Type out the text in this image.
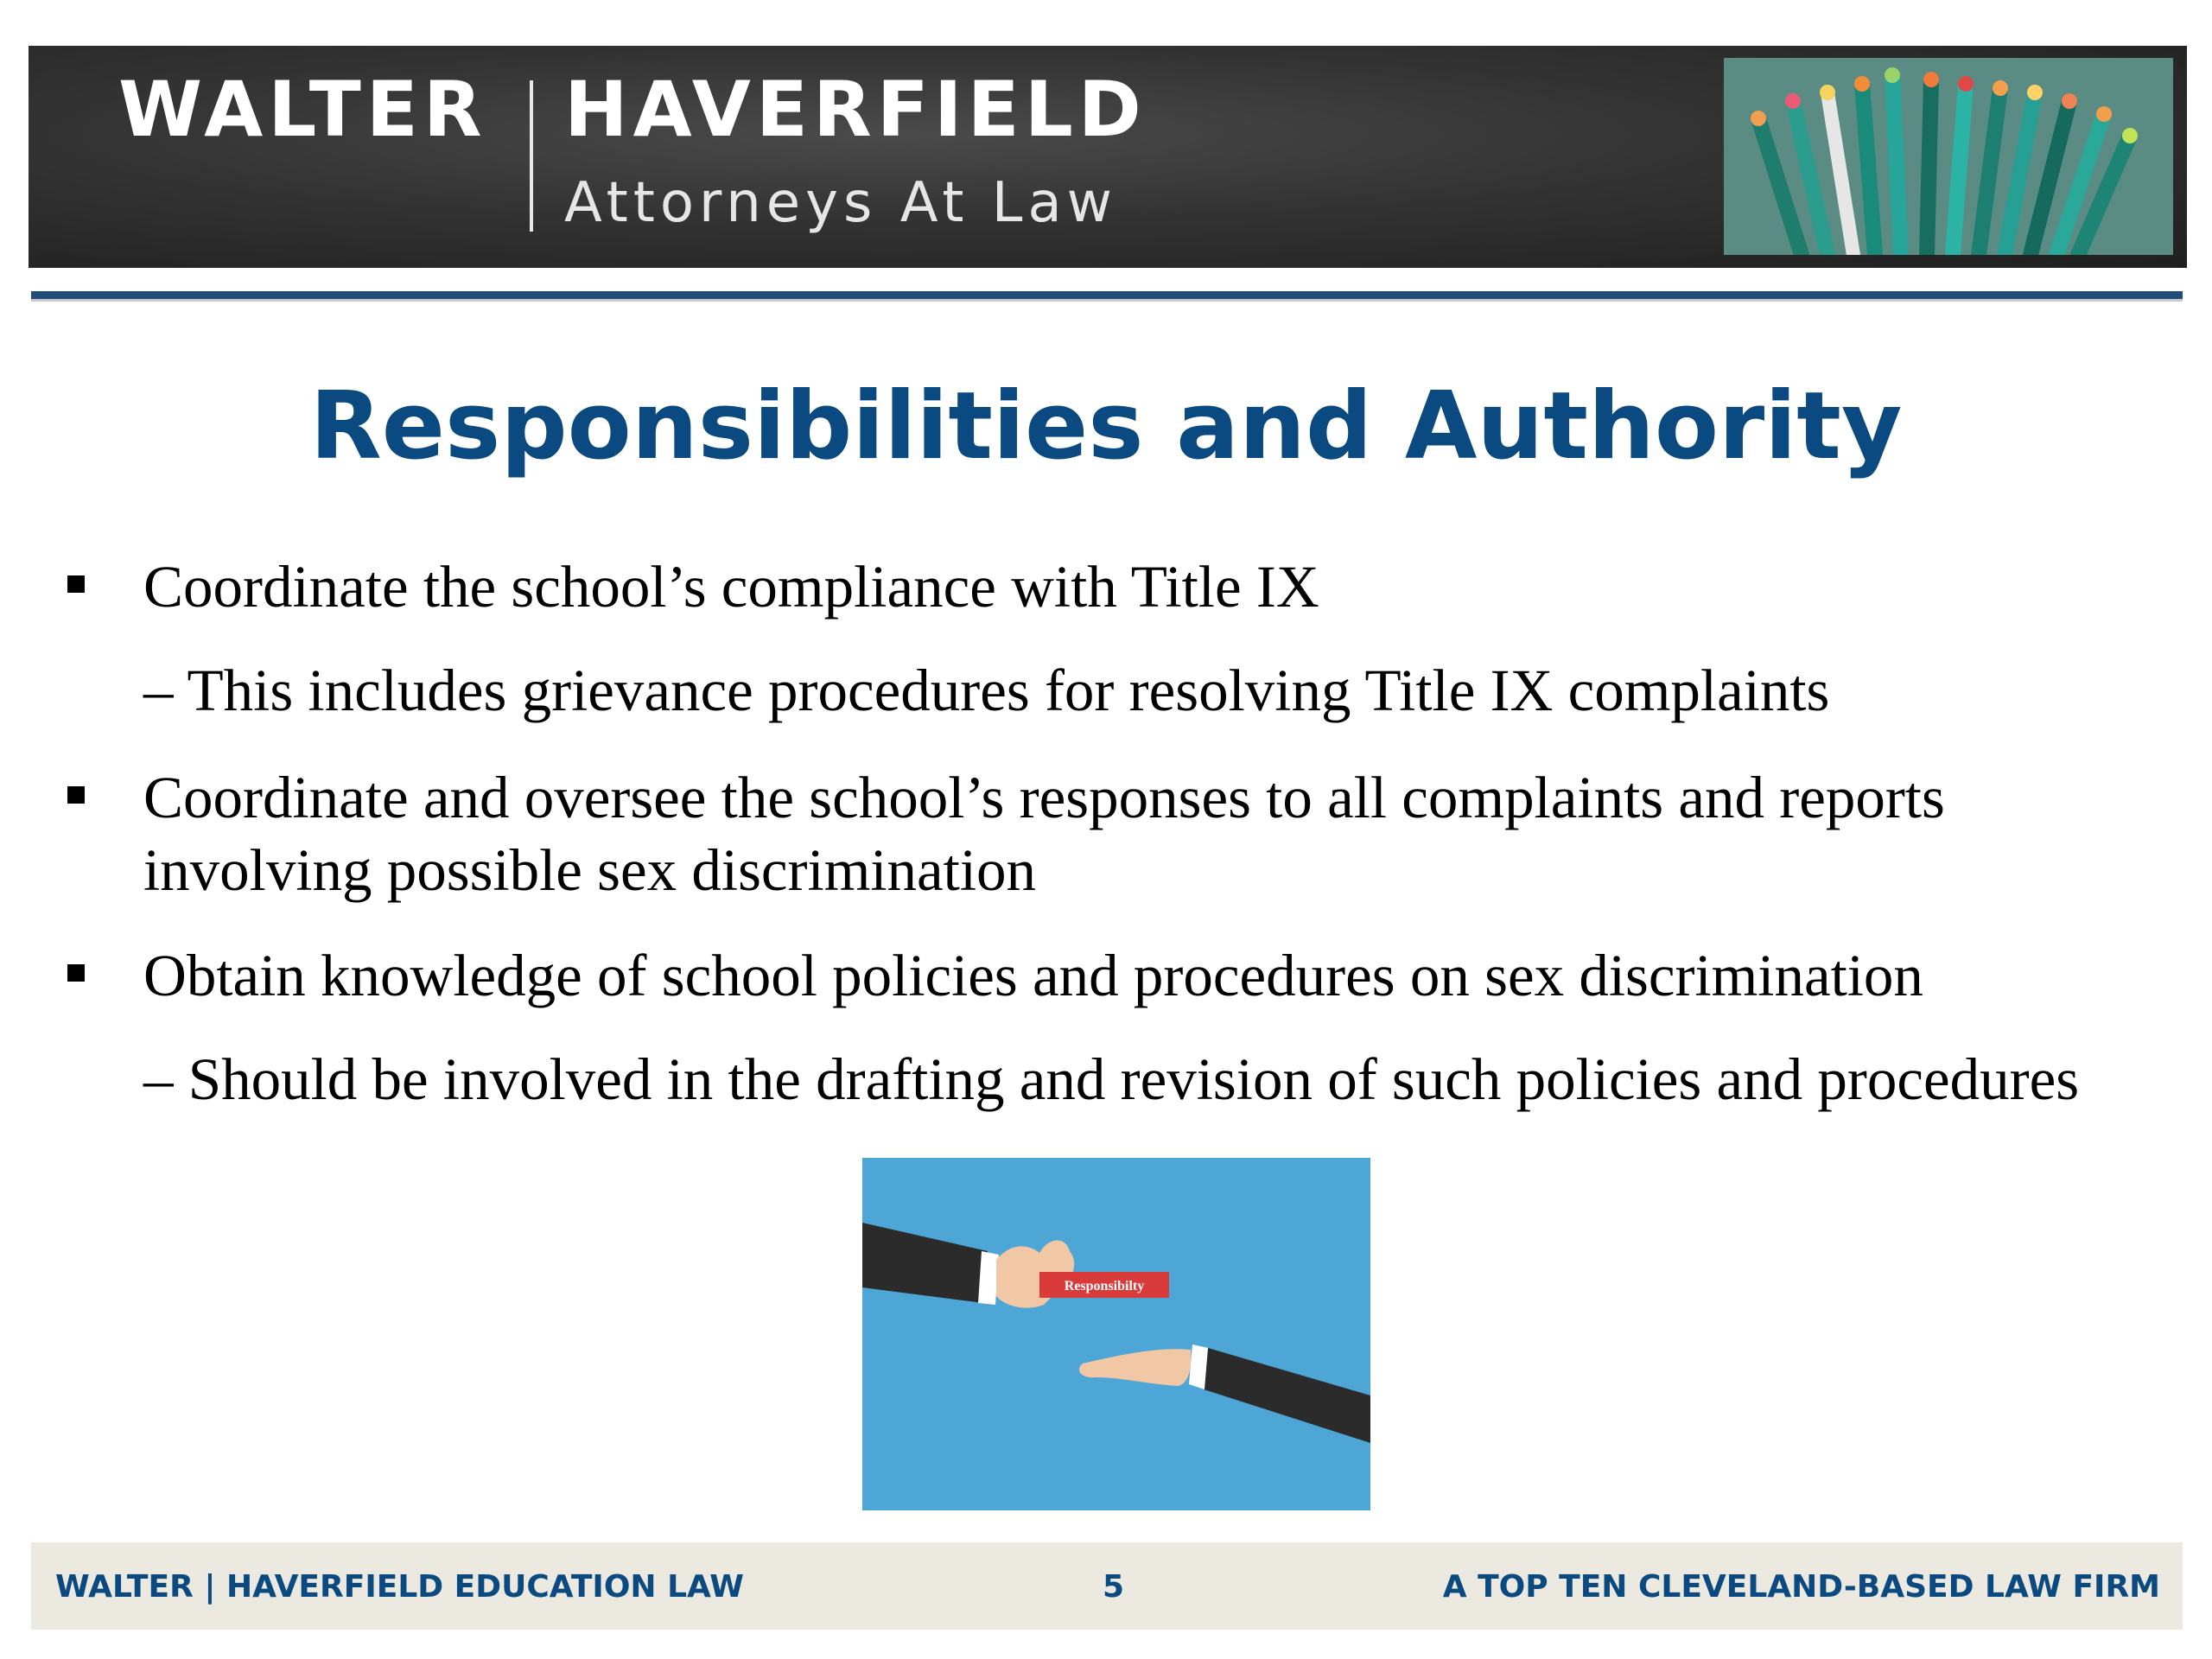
WALTER HAVERFIELD
Attorneys At Law
Responsibilities and Authority
Coordinate the school’s compliance with Title IX
– This includes grievance procedures for resolving Title IX complaints
Coordinate and oversee the school’s responses to all complaints and reports
involving possible sex discrimination
Obtain knowledge of school policies and procedures on sex discrimination
– Should be involved in the drafting and revision of such policies and procedures
Responsibilty
WALTER | HAVERFIELD EDUCATION LAW	5	A TOP TEN CLEVELAND-BASED LAW FIRM
